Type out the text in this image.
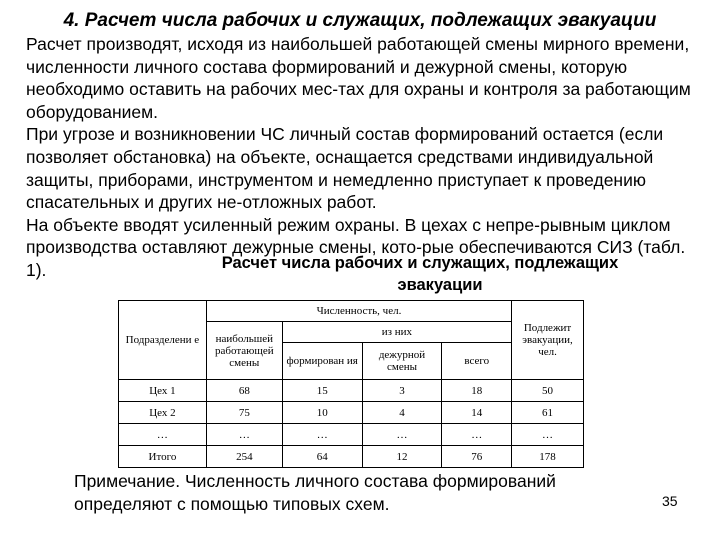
4. Расчет числа рабочих и служащих, подлежащих эвакуации

Расчет производят, исходя из наибольшей работающей смены мирного времени, численности личного состава формирований и дежурной смены, которую необходимо оставить на рабочих мес-тах для охраны и контроля за работающим оборудованием.

При угрозе и возникновении ЧС личный состав формирований остается (если позволяет обстановка) на объекте, оснащается средствами индивидуальной защиты, приборами, инструментом и немедленно приступает к проведению спасательных и других не-отложных работ.

На объекте вводят усиленный режим охраны. В цехах с непре-рывным циклом производства оставляют дежурные смены, кото-рые обеспечиваются СИЗ (табл. 1).	Расчет числа рабочих и служащих, подлежащих
эвакуации
Подразделени е	Численность, чел.				Подлежит эвакуации, чел.
	наибольшей работающей смены	из них			
		формирован ия	дежурной смены	всего	
Цех 1	68	15	3	18	50
Цех 2	75	10	4	14	61
…	…	…	…	…	…
Итого	254	64	12	76	178

Примечание. Численность личного состава формирований определяют с помощью типовых схем.	35
